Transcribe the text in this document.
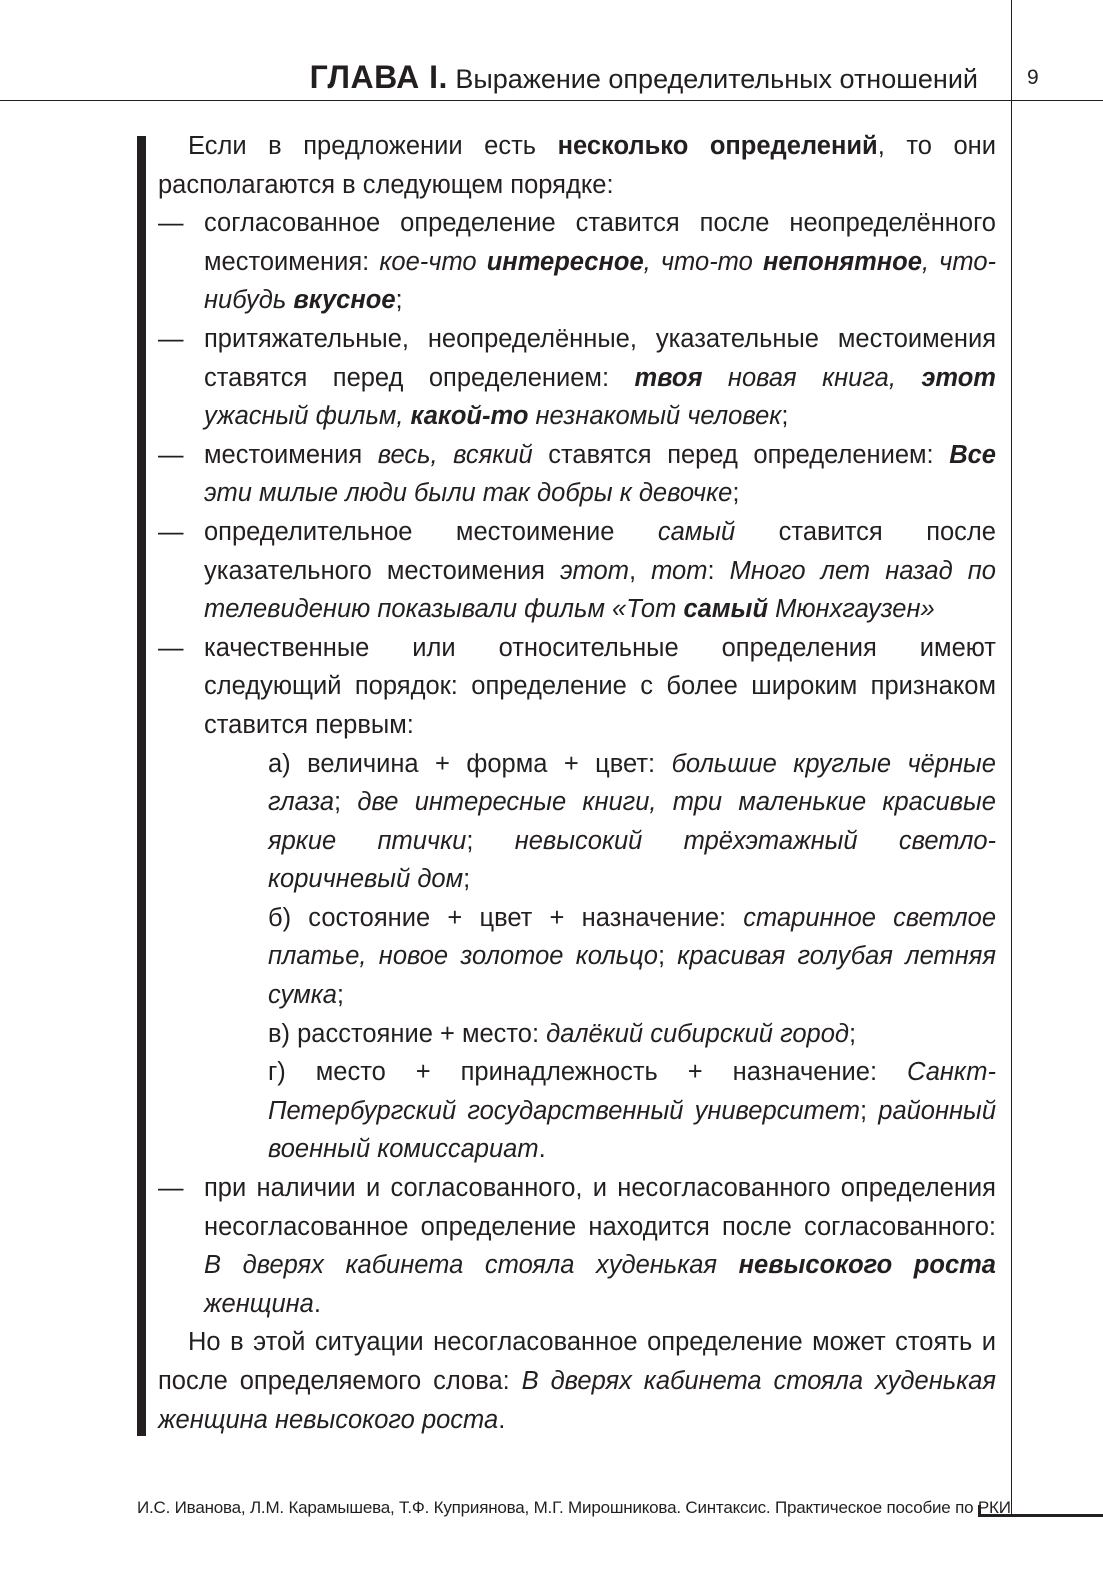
ГЛАВА I. Выражение определительных отношений 9

Если в предложении есть несколько определений, то они располагаются в следующем порядке:

— согласованное определение ставится после неопределённого местоимения: кое-что интересное, что-то непонятное, что-нибудь вкусное;

— притяжательные, неопределённые, указательные местоимения ставятся перед определением: твоя новая книга, этот ужасный фильм, какой-то незнакомый человек;

— местоимения весь, всякий ставятся перед определением: Все эти милые люди были так добры к девочке;

— определительное местоимение самый ставится после указательного местоимения этот, тот: Много лет назад по телевидению показывали фильм «Тот самый Мюнхгаузен»

— качественные или относительные определения имеют следующий порядок: определение с более широким признаком ставится первым:

а) величина + форма + цвет: большие круглые чёрные глаза; две интересные книги, три маленькие красивые яркие птички; невысокий трёхэтажный светло-коричневый дом;

б) состояние + цвет + назначение: старинное светлое платье, новое золотое кольцо; красивая голубая летняя сумка;

в) расстояние + место: далёкий сибирский город;

г) место + принадлежность + назначение: Санкт-Петербургский государственный университет; районный военный комиссариат.

— при наличии и согласованного, и несогласованного определения несогласованное определение находится после согласованного: В дверях кабинета стояла худенькая невысокого роста женщина.

Но в этой ситуации несогласованное определение может стоять и после определяемого слова: В дверях кабинета стояла худенькая женщина невысокого роста.

И.С. Иванова, Л.М. Карамышева, Т.Ф. Куприянова, М.Г. Мирошникова. Синтаксис. Практическое пособие по РКИ
